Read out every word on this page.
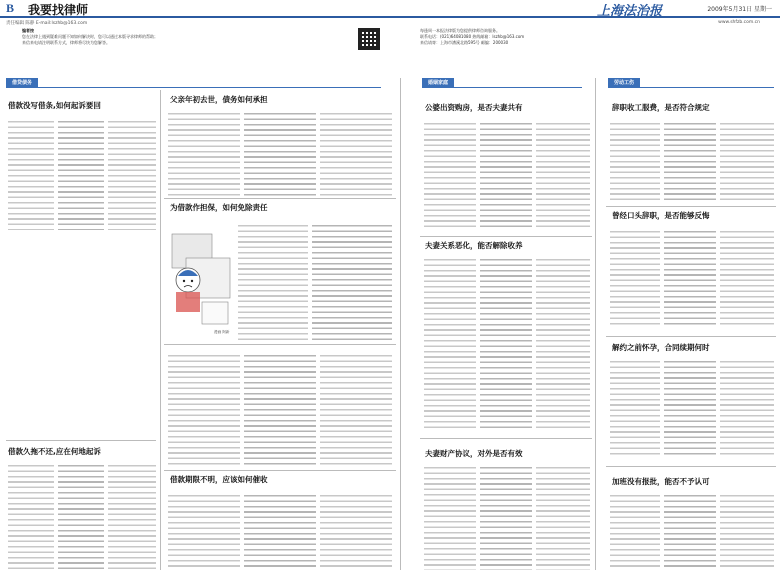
B 我要找律师	上海法治报	2009年5月31日 星期一
责任编辑 陈静 E-mail:lszhb@163.com	www.shfzb.com.cn
编者按
您在法律上遇到疑难问题不知如何解决时，您可以通过本版寻求律师的帮助；
来信来电请注明联系方式，律师将尽快为您解答。
每逢周一本报法律版为您提供律师咨询服务。
联系电话：(021)64081080 热线邮箱：lszhb@163.com
来信请寄：上海市漕溪北路595号 邮编：200030
借贷债务	婚姻家庭	劳动工伤
借款没写借条,如何起诉要回
借款久拖不还,应在何地起诉
父亲年初去世，债务如何承担
为借款作担保，如何免除责任
漫画 阿新
借款期限不明，应该如何催收
公婆出资购房，是否夫妻共有
夫妻关系恶化，能否解除收养
夫妻财产协议，对外是否有效
辞职收工服费，是否符合规定
曾经口头辞职，是否能够反悔
解约之前怀孕，合同续期何时
加班没有报批，能否不予认可
